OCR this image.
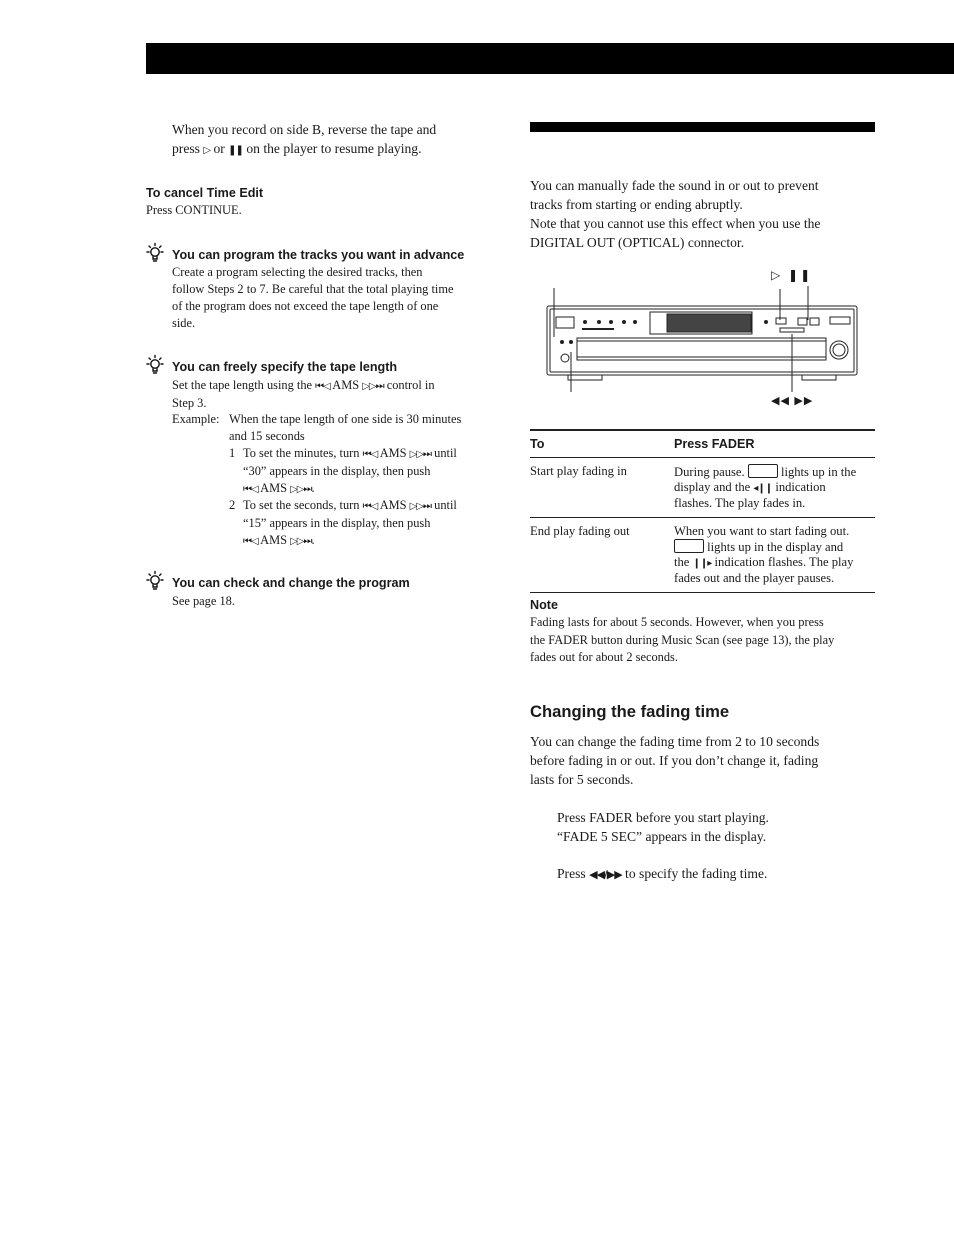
When you record on side B, reverse the tape and
press ▷ or ❚❚ on the player to resume playing.
To cancel Time Edit
Press CONTINUE.
You can program the tracks you want in advance
Create a program selecting the desired tracks, then
follow Steps 2 to 7. Be careful that the total playing time
of the program does not exceed the tape length of one
side.
You can freely specify the tape length
Set the tape length using the ⏮◁ AMS ▷▷⏭ control in
Step 3.
Example: When the tape length of one side is 30 minutes
and 15 seconds
1 To set the minutes, turn ⏮◁ AMS ▷▷⏭ until
“30” appears in the display, then push
⏮◁ AMS ▷▷⏭.
2 To set the seconds, turn ⏮◁ AMS ▷▷⏭ until
“15” appears in the display, then push
⏮◁ AMS ▷▷⏭.
You can check and change the program
See page 18.
You can manually fade the sound in or out to prevent
tracks from starting or ending abruptly.
Note that you cannot use this effect when you use the
DIGITAL OUT (OPTICAL) connector.
▷ ❚❚
◀◀ ▶▶
To	Press FADER
Start play fading in	During pause.  lights up in the
display and the ◂❙❙ indication
flashes. The play fades in.

End play fading out	When you want to start fading out.
lights up in the display and
the ❙❙▸ indication flashes. The play
fades out and the player pauses.
Note
Fading lasts for about 5 seconds. However, when you press
the FADER button during Music Scan (see page 13), the play
fades out for about 2 seconds.
Changing the fading time
You can change the fading time from 2 to 10 seconds
before fading in or out. If you don’t change it, fading
lasts for 5 seconds.
Press FADER before you start playing.
“FADE 5 SEC” appears in the display.
Press ◀◀/▶▶ to specify the fading time.
